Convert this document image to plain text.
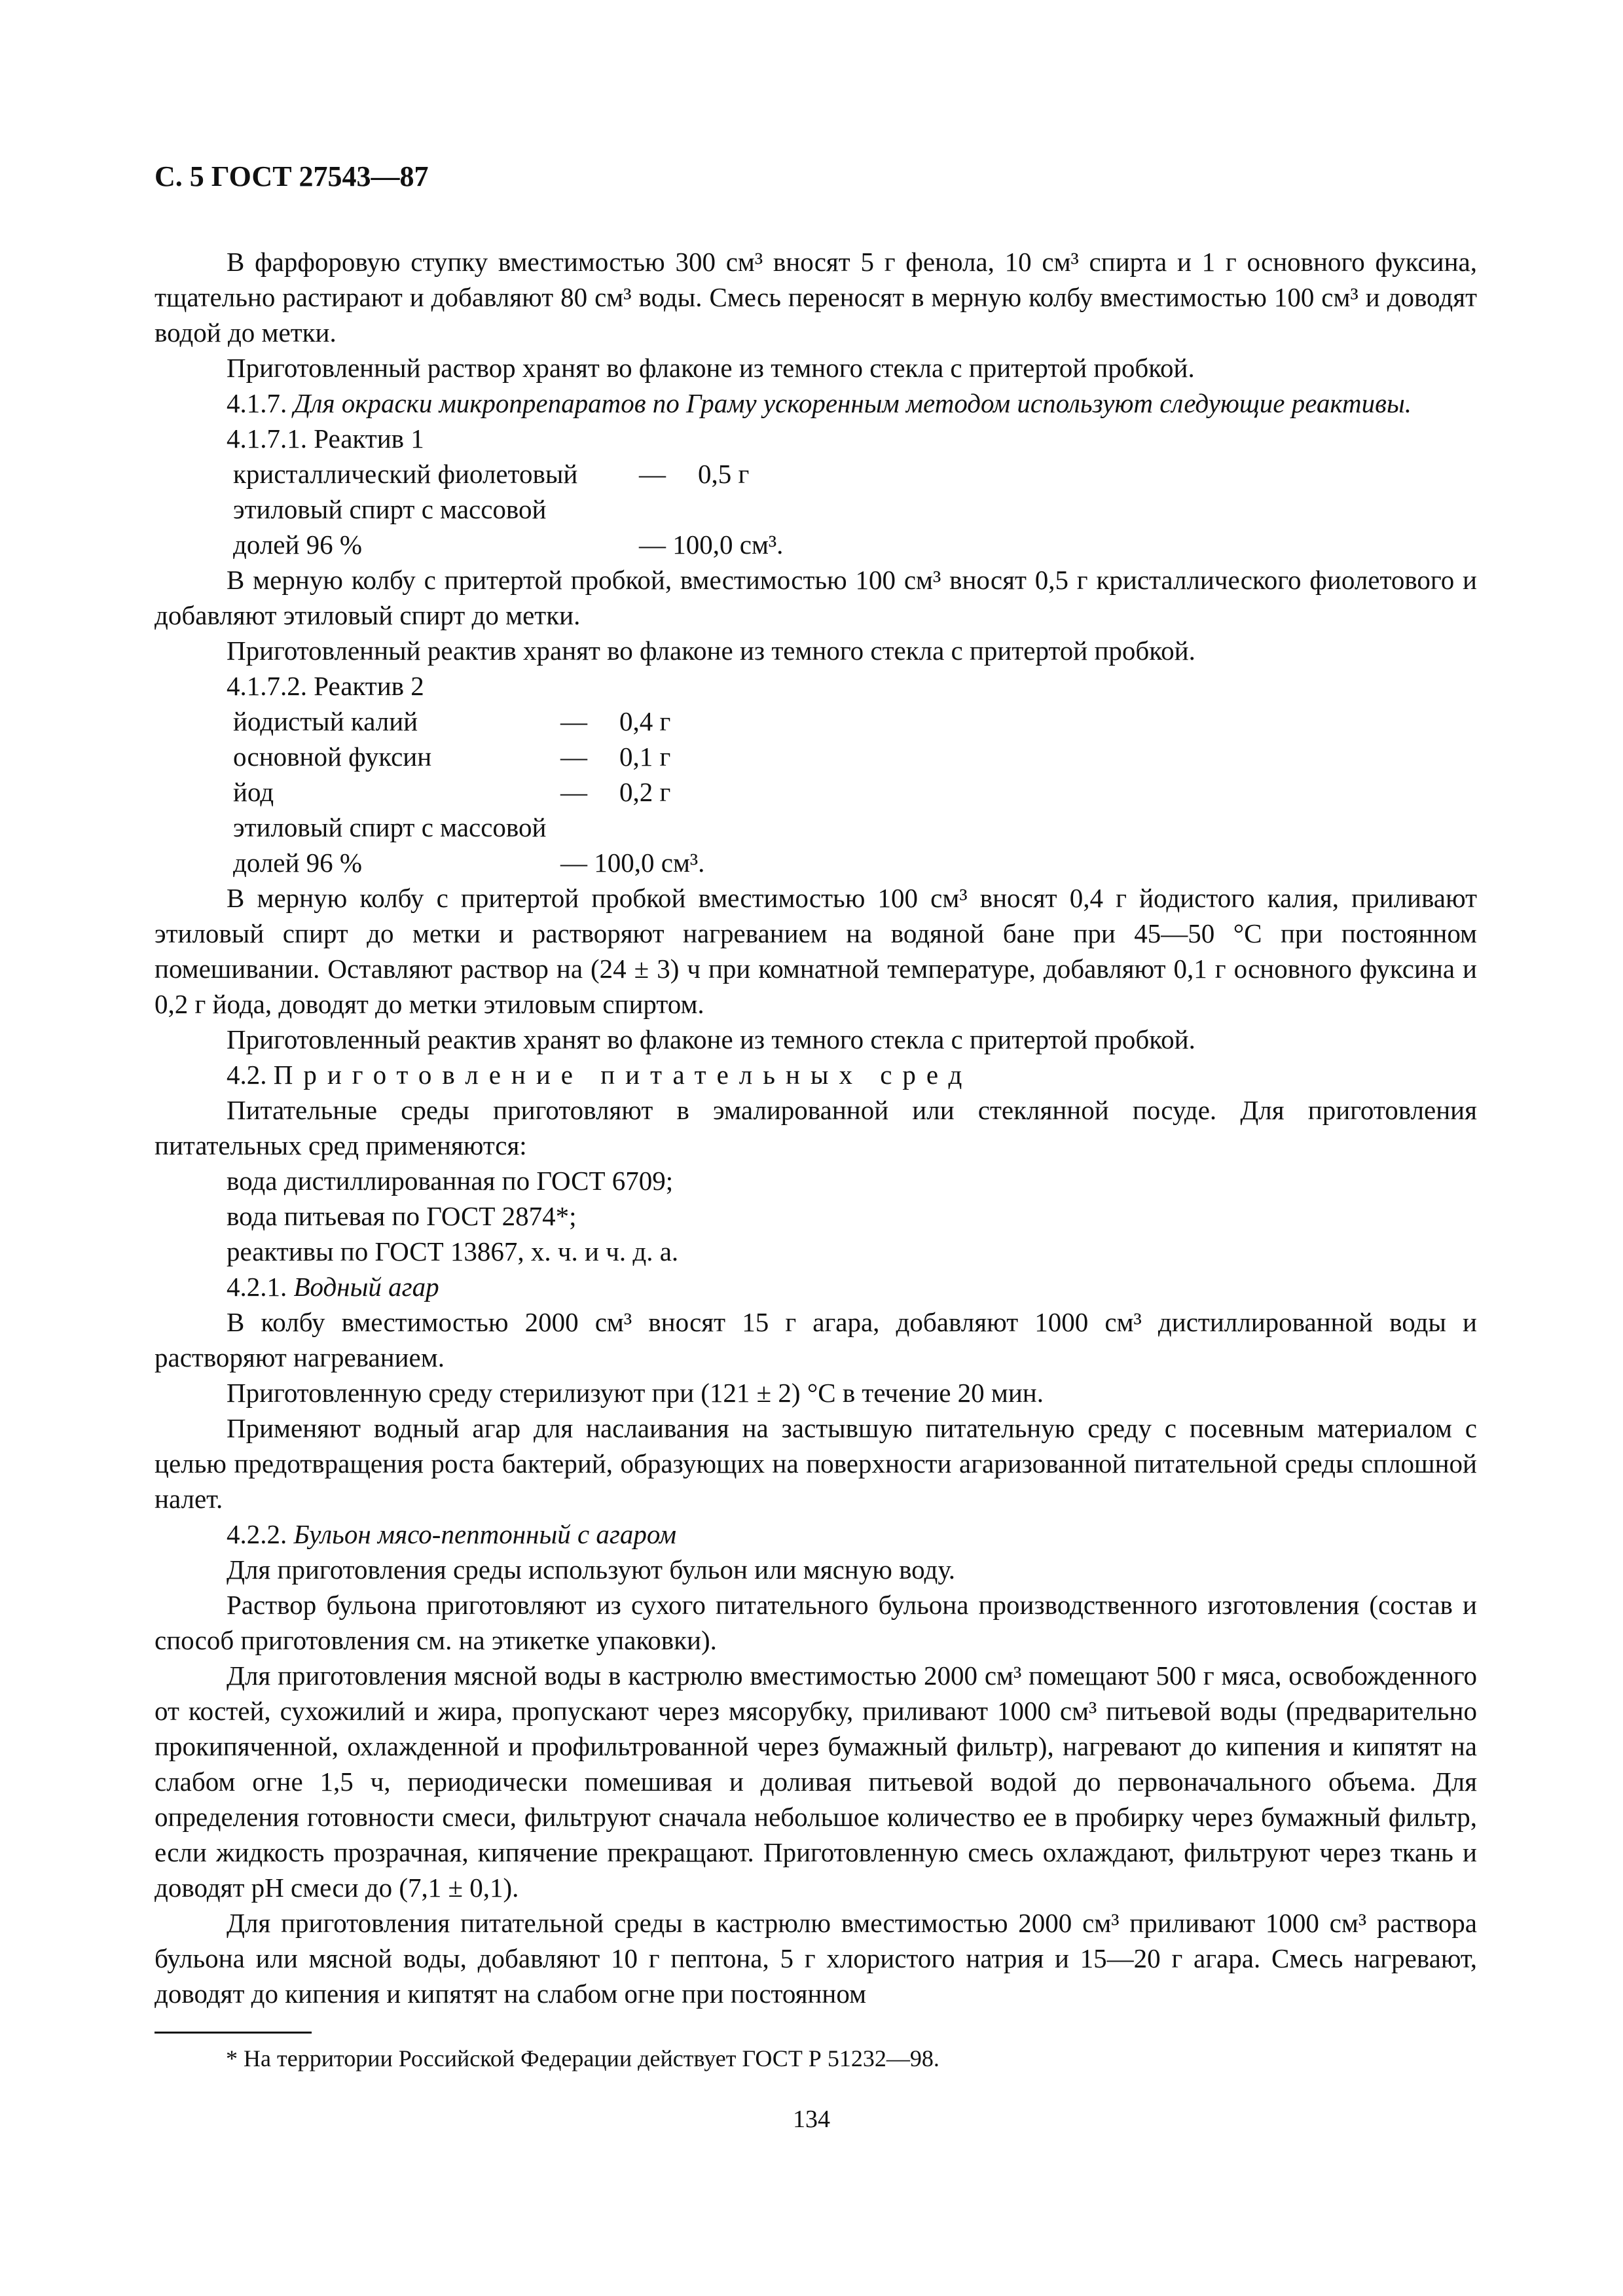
С. 5 ГОСТ 27543—87

В фарфоровую ступку вместимостью 300 см³ вносят 5 г фенола, 10 см³ спирта и 1 г основного фуксина, тщательно растирают и добавляют 80 см³ воды. Смесь переносят в мерную колбу вместимостью 100 см³ и доводят водой до метки.

Приготовленный раствор хранят во флаконе из темного стекла с притертой пробкой.

4.1.7. Для окраски микропрепаратов по Граму ускоренным методом используют следующие реактивы.

4.1.7.1. Реактив 1
кристаллический фиолетовый	—	0,5 г
этиловый спирт с массовой
долей 96 %	— 100,0 см³.

В мерную колбу с притертой пробкой, вместимостью 100 см³ вносят 0,5 г кристаллического фиолетового и добавляют этиловый спирт до метки.

Приготовленный реактив хранят во флаконе из темного стекла с притертой пробкой.

4.1.7.2. Реактив 2
йодистый калий	—	0,4 г
основной фуксин	—	0,1 г
йод	—	0,2 г
этиловый спирт с массовой
долей 96 %	— 100,0 см³.

В мерную колбу с притертой пробкой вместимостью 100 см³ вносят 0,4 г йодистого калия, приливают этиловый спирт до метки и растворяют нагреванием на водяной бане при 45—50 °С при постоянном помешивании. Оставляют раствор на (24 ± 3) ч при комнатной температуре, добавляют 0,1 г основного фуксина и 0,2 г йода, доводят до метки этиловым спиртом.

Приготовленный реактив хранят во флаконе из темного стекла с притертой пробкой.

4.2. Приготовление питательных сред

Питательные среды приготовляют в эмалированной или стеклянной посуде. Для приготовления питательных сред применяются:

вода дистиллированная по ГОСТ 6709;
вода питьевая по ГОСТ 2874*;
реактивы по ГОСТ 13867, х. ч. и ч. д. а.

4.2.1. Водный агар

В колбу вместимостью 2000 см³ вносят 15 г агара, добавляют 1000 см³ дистиллированной воды и растворяют нагреванием.

Приготовленную среду стерилизуют при (121 ± 2) °С в течение 20 мин.

Применяют водный агар для наслаивания на застывшую питательную среду с посевным материалом с целью предотвращения роста бактерий, образующих на поверхности агаризованной питательной среды сплошной налет.

4.2.2. Бульон мясо-пептонный с агаром

Для приготовления среды используют бульон или мясную воду.

Раствор бульона приготовляют из сухого питательного бульона производственного изготовления (состав и способ приготовления см. на этикетке упаковки).

Для приготовления мясной воды в кастрюлю вместимостью 2000 см³ помещают 500 г мяса, освобожденного от костей, сухожилий и жира, пропускают через мясорубку, приливают 1000 см³ питьевой воды (предварительно прокипяченной, охлажденной и профильтрованной через бумажный фильтр), нагревают до кипения и кипятят на слабом огне 1,5 ч, периодически помешивая и доливая питьевой водой до первоначального объема. Для определения готовности смеси, фильтруют сначала небольшое количество ее в пробирку через бумажный фильтр, если жидкость прозрачная, кипячение прекращают. Приготовленную смесь охлаждают, фильтруют через ткань и доводят рН смеси до (7,1 ± 0,1).

Для приготовления питательной среды в кастрюлю вместимостью 2000 см³ приливают 1000 см³ раствора бульона или мясной воды, добавляют 10 г пептона, 5 г хлористого натрия и 15—20 г агара. Смесь нагревают, доводят до кипения и кипятят на слабом огне при постоянном

* На территории Российской Федерации действует ГОСТ Р 51232—98.
134
